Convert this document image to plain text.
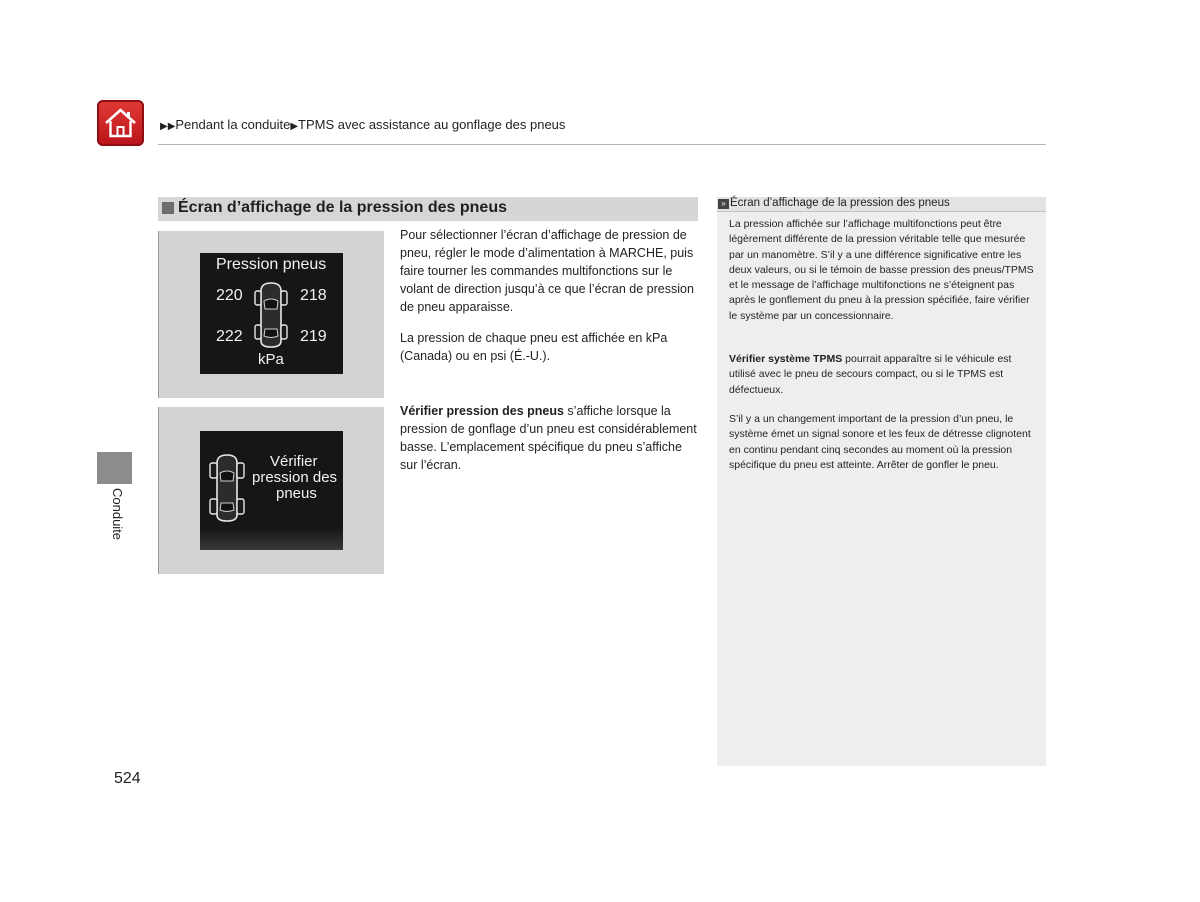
▶▶Pendant la conduite▶TPMS avec assistance au gonflage des pneus
Conduite
Écran d’affichage de la pression des pneus
Pression pneus
220	218
222	219
kPa
Vérifier
pression des
pneus
Pour sélectionner l’écran d’affichage de pression de pneu, régler le mode d’alimentation à MARCHE, puis faire tourner les commandes multifonctions sur le volant de direction jusqu’à ce que l’écran de pression de pneu apparaisse.
La pression de chaque pneu est affichée en kPa (Canada) ou en psi (É.-U.).
Vérifier pression des pneus s’affiche lorsque la pression de gonflage d’un pneu est considérablement basse. L’emplacement spécifique du pneu s’affiche sur l’écran.
» Écran d’affichage de la pression des pneus

La pression affichée sur l’affichage multifonctions peut être légèrement différente de la pression véritable telle que mesurée par un manomètre. S’il y a une différence significative entre les deux valeurs, ou si le témoin de basse pression des pneus/TPMS et le message de l’affichage multifonctions ne s’éteignent pas après le gonflement du pneu à la pression spécifiée, faire vérifier le système par un concessionnaire.

Vérifier système TPMS pourrait apparaître si le véhicule est utilisé avec le pneu de secours compact, ou si le TPMS est défectueux.

S’il y a un changement important de la pression d’un pneu, le système émet un signal sonore et les feux de détresse clignotent en continu pendant cinq secondes au moment où la pression spécifique du pneu est atteinte. Arrêter de gonfler le pneu.

524
